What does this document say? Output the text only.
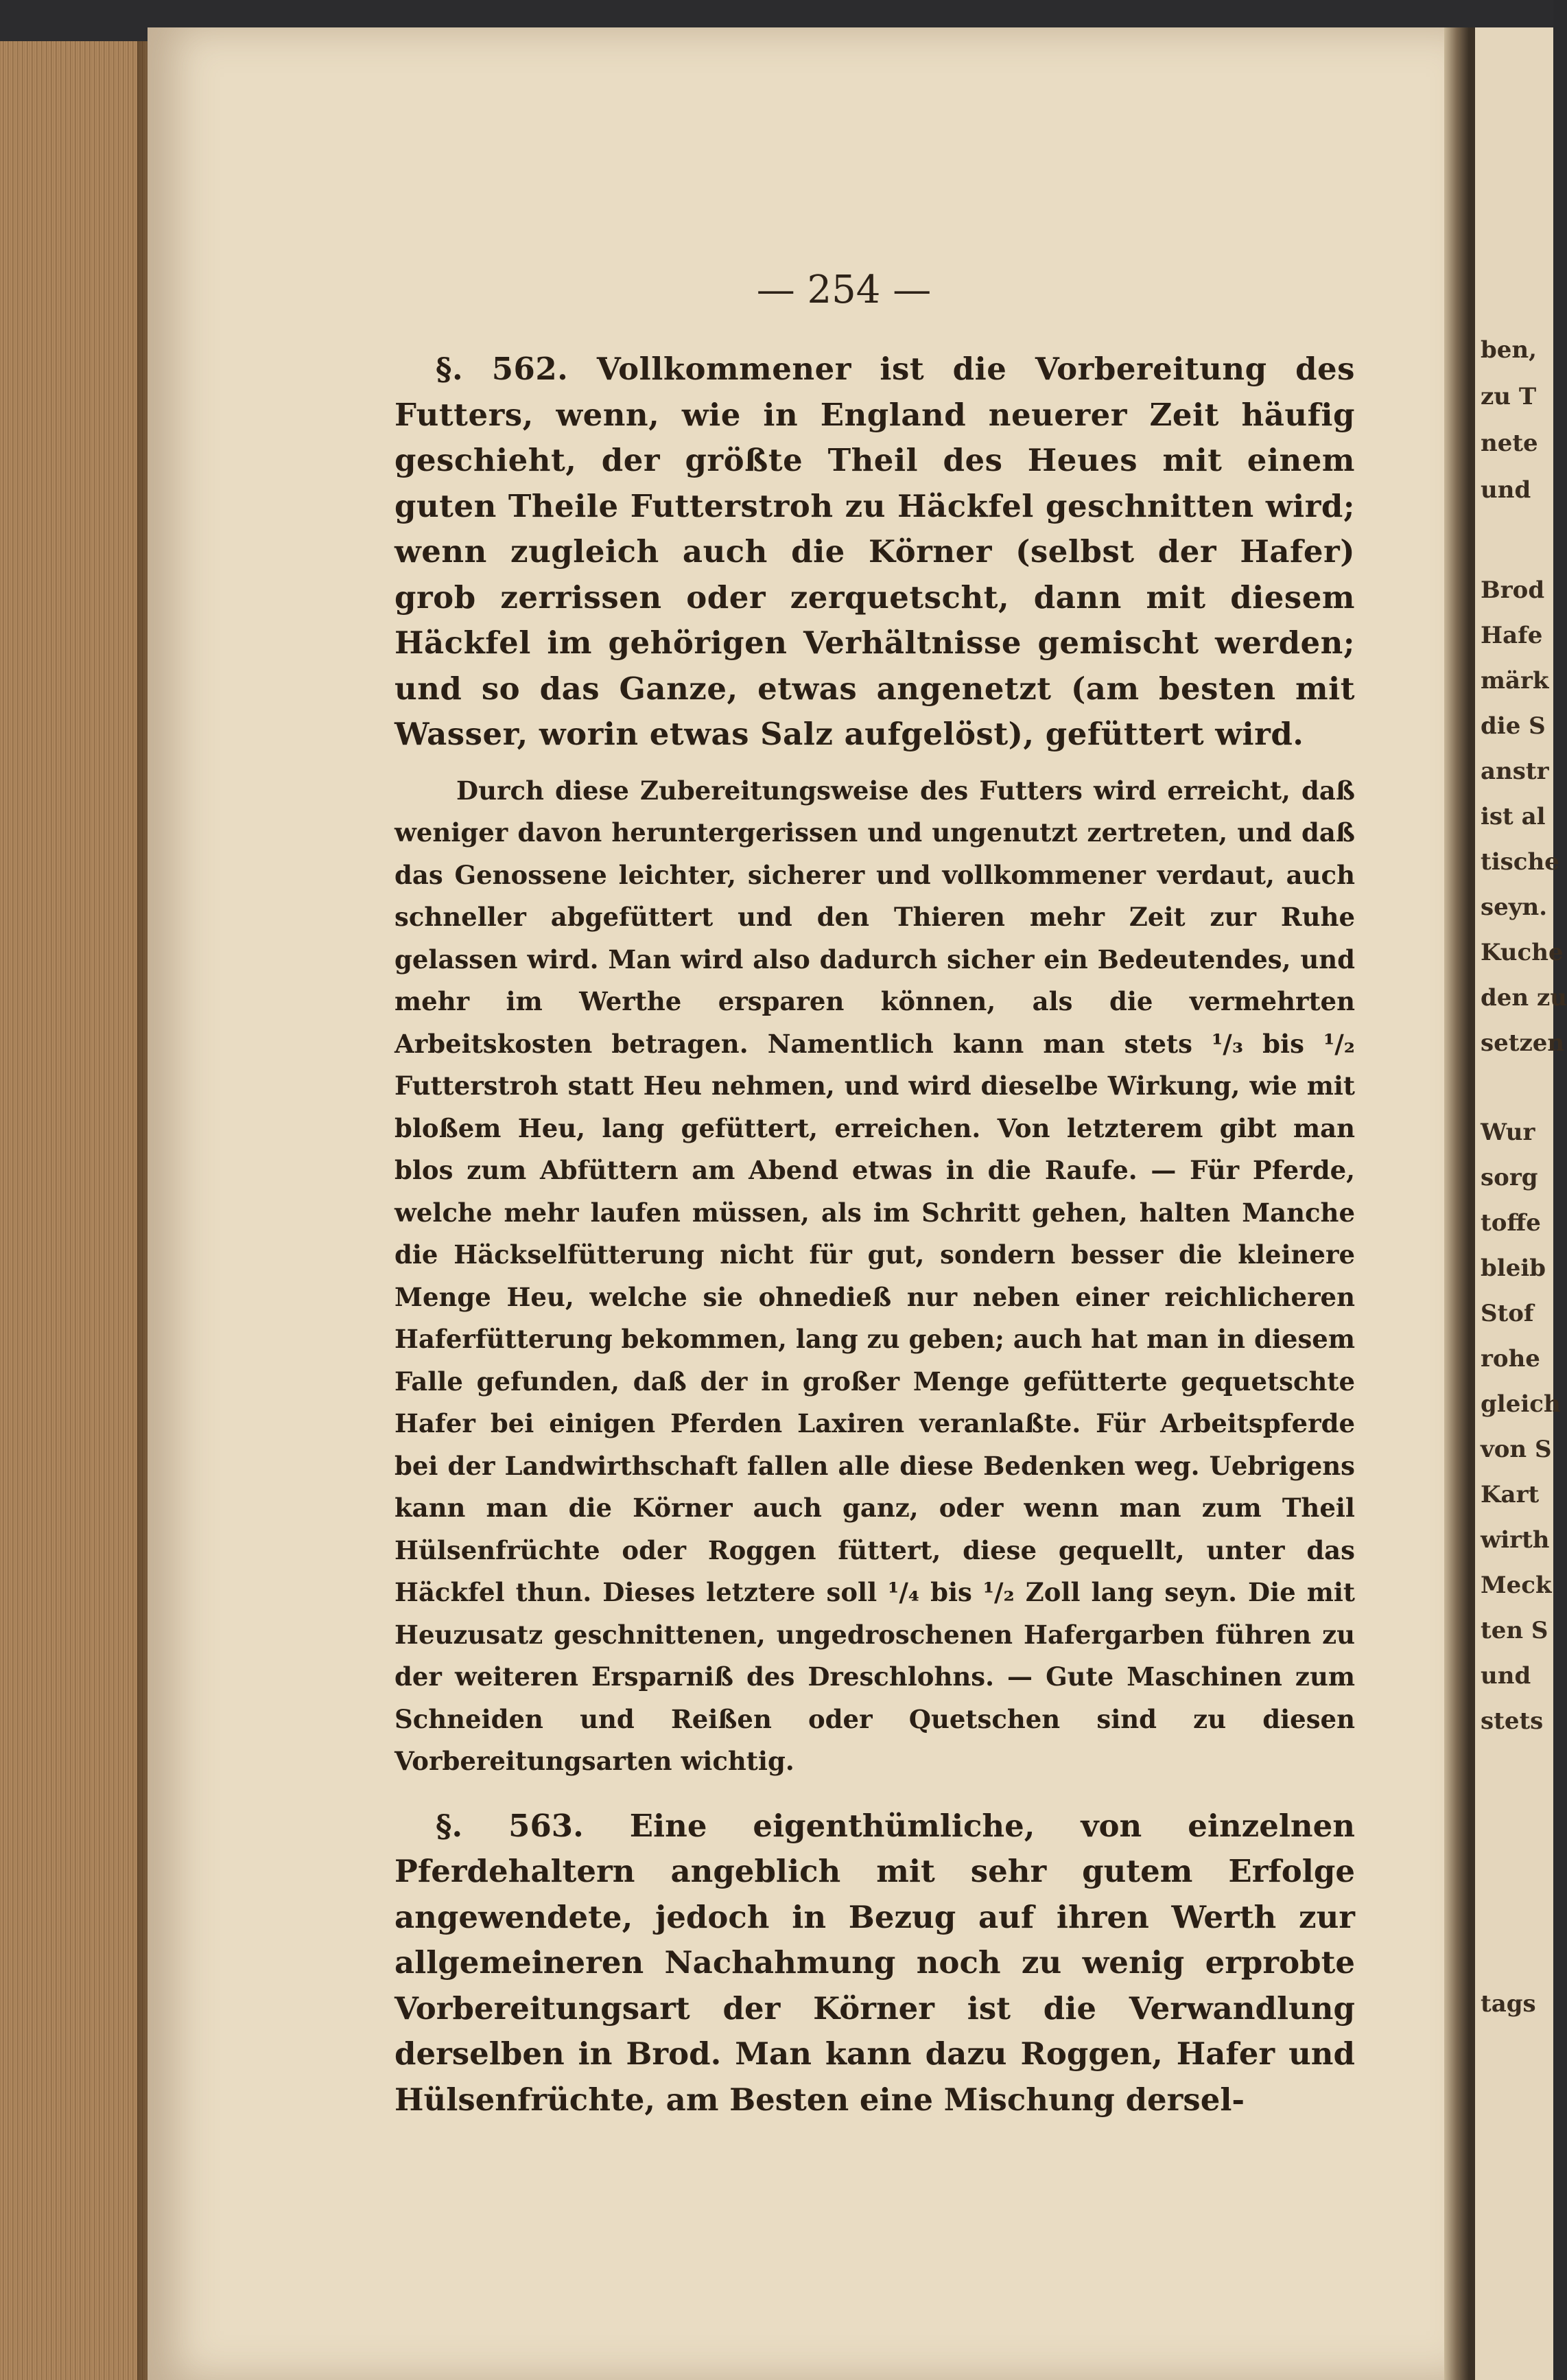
ben,
zu T
nete
und
Brod
Hafe
märk
die S
anstr
ist al
tische
seyn.
Kuche
den zu
setzen
Wur
sorg
toffe
bleib
Stof
rohe
gleich
von S
Kart
wirth
Meck
ten S
und
stets
tags
— 254 —

§. 562. Vollkommener ist die Vorbereitung des Futters, wenn, wie in England neuerer Zeit häufig geschieht, der größte Theil des Heues mit einem guten Theile Futterstroh zu Häckfel geschnitten wird; wenn zugleich auch die Körner (selbst der Hafer) grob zerrissen oder zerquetscht, dann mit diesem Häckfel im gehörigen Verhältnisse gemischt werden; und so das Ganze, etwas angenetzt (am besten mit Wasser, worin etwas Salz aufgelöst), gefüttert wird.

Durch diese Zubereitungsweise des Futters wird erreicht, daß weniger davon heruntergerissen und ungenutzt zertreten, und daß das Genossene leichter, sicherer und vollkommener verdaut, auch schneller abgefüttert und den Thieren mehr Zeit zur Ruhe gelassen wird. Man wird also dadurch sicher ein Bedeutendes, und mehr im Werthe ersparen können, als die vermehrten Arbeitskosten betragen. Namentlich kann man stets ¹/₃ bis ¹/₂ Futterstroh statt Heu nehmen, und wird dieselbe Wirkung, wie mit bloßem Heu, lang gefüttert, erreichen. Von letzterem gibt man blos zum Abfüttern am Abend etwas in die Raufe. — Für Pferde, welche mehr laufen müssen, als im Schritt gehen, halten Manche die Häckselfütterung nicht für gut, sondern besser die kleinere Menge Heu, welche sie ohnedieß nur neben einer reichlicheren Haferfütterung bekommen, lang zu geben; auch hat man in diesem Falle gefunden, daß der in großer Menge gefütterte gequetschte Hafer bei einigen Pferden Laxiren veranlaßte. Für Arbeitspferde bei der Landwirthschaft fallen alle diese Bedenken weg. Uebrigens kann man die Körner auch ganz, oder wenn man zum Theil Hülsenfrüchte oder Roggen füttert, diese gequellt, unter das Häckfel thun. Dieses letztere soll ¹/₄ bis ¹/₂ Zoll lang seyn. Die mit Heuzusatz geschnittenen, ungedroschenen Hafergarben führen zu der weiteren Ersparniß des Dreschlohns. — Gute Maschinen zum Schneiden und Reißen oder Quetschen sind zu diesen Vorbereitungsarten wichtig.

§. 563. Eine eigenthümliche, von einzelnen Pferdehaltern angeblich mit sehr gutem Erfolge angewendete, jedoch in Bezug auf ihren Werth zur allgemeineren Nachahmung noch zu wenig erprobte Vorbereitungsart der Körner ist die Verwandlung derselben in Brod. Man kann dazu Roggen, Hafer und Hülsenfrüchte, am Besten eine Mischung dersel-
